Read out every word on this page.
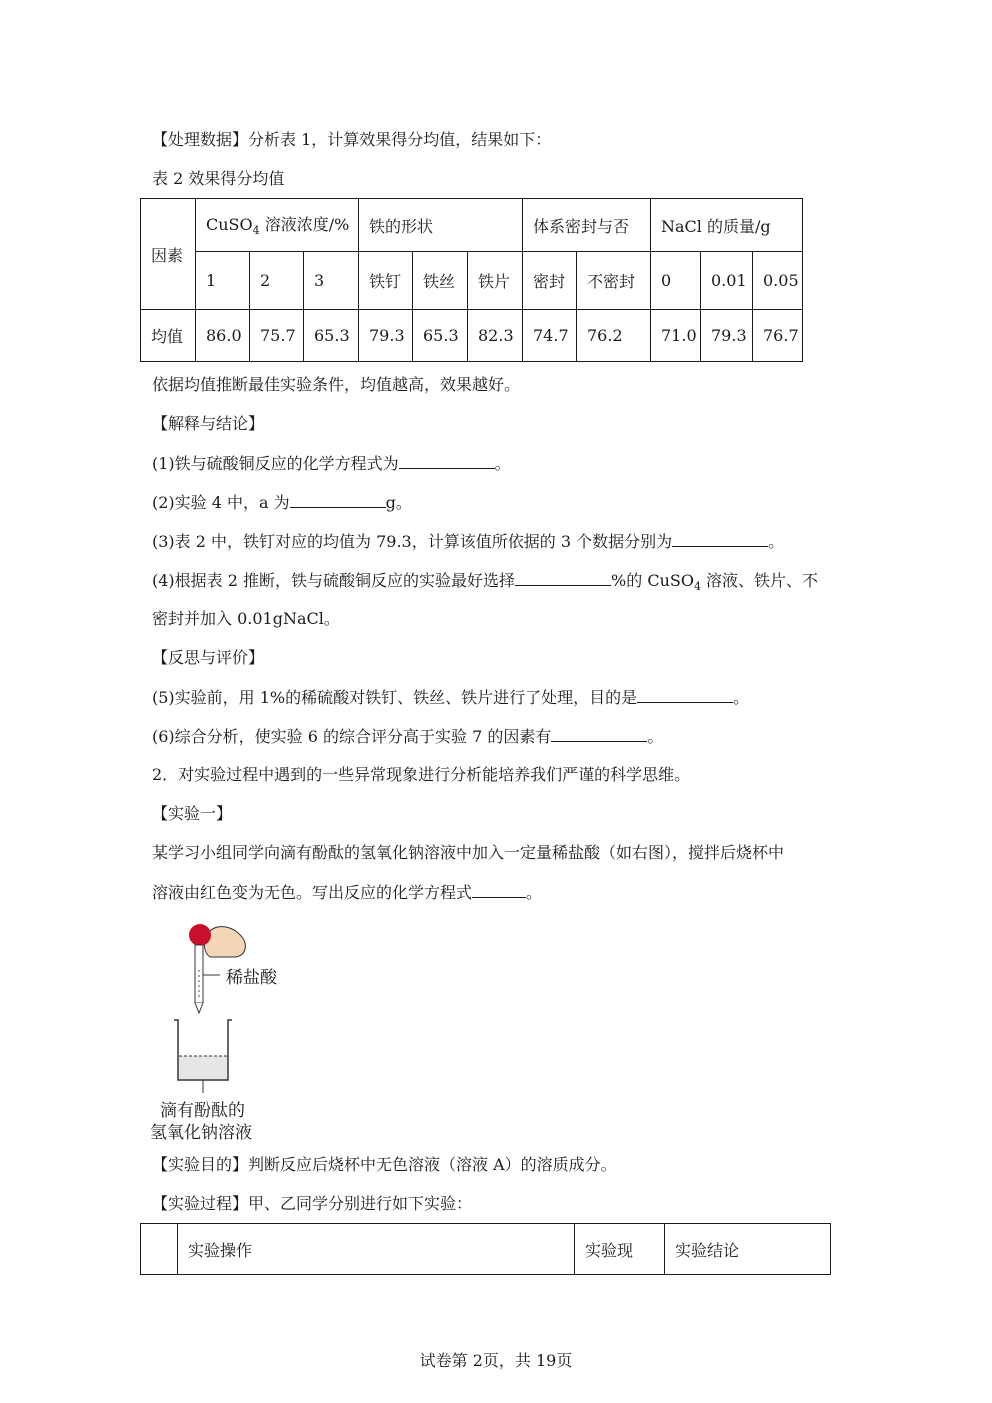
【处理数据】分析表 1，计算效果得分均值，结果如下：
表 2 效果得分均值
因素	CuSO$_4$ 溶液浓度/%			铁的形状			体系密封与否		NaCl 的质量/g		
	1	2	3	铁钉	铁丝	铁片	密封	不密封	0	0.01	0.05
均值	86.0	75.7	65.3	79.3	65.3	82.3	74.7	76.2	71.0	79.3	76.7
依据均值推断最佳实验条件，均值越高，效果越好。
【解释与结论】
(1)铁与硫酸铜反应的化学方程式为	。
(2)实验 4 中，a 为	g。
(3)表 2 中，铁钉对应的均值为 79.3，计算该值所依据的 3 个数据分别为	。
(4)根据表 2 推断，铁与硫酸铜反应的实验最好选择	%的 CuSO$_4$ 溶液、铁片、不
密封并加入 0.01gNaCl。
【反思与评价】
(5)实验前，用 1%的稀硫酸对铁钉、铁丝、铁片进行了处理，目的是	。
(6)综合分析，使实验 6 的综合评分高于实验 7 的因素有	。
2．对实验过程中遇到的一些异常现象进行分析能培养我们严谨的科学思维。
【实验一】
某学习小组同学向滴有酚酞的氢氧化钠溶液中加入一定量稀盐酸（如右图），搅拌后烧杯中
溶液由红色变为无色。写出反应的化学方程式	。
稀盐酸
滴有酚酞的
氢氧化钠溶液
【实验目的】判断反应后烧杯中无色溶液（溶液 A）的溶质成分。
【实验过程】甲、乙同学分别进行如下实验：
	实验操作	实验现	实验结论
试卷第 2页，共 19页
